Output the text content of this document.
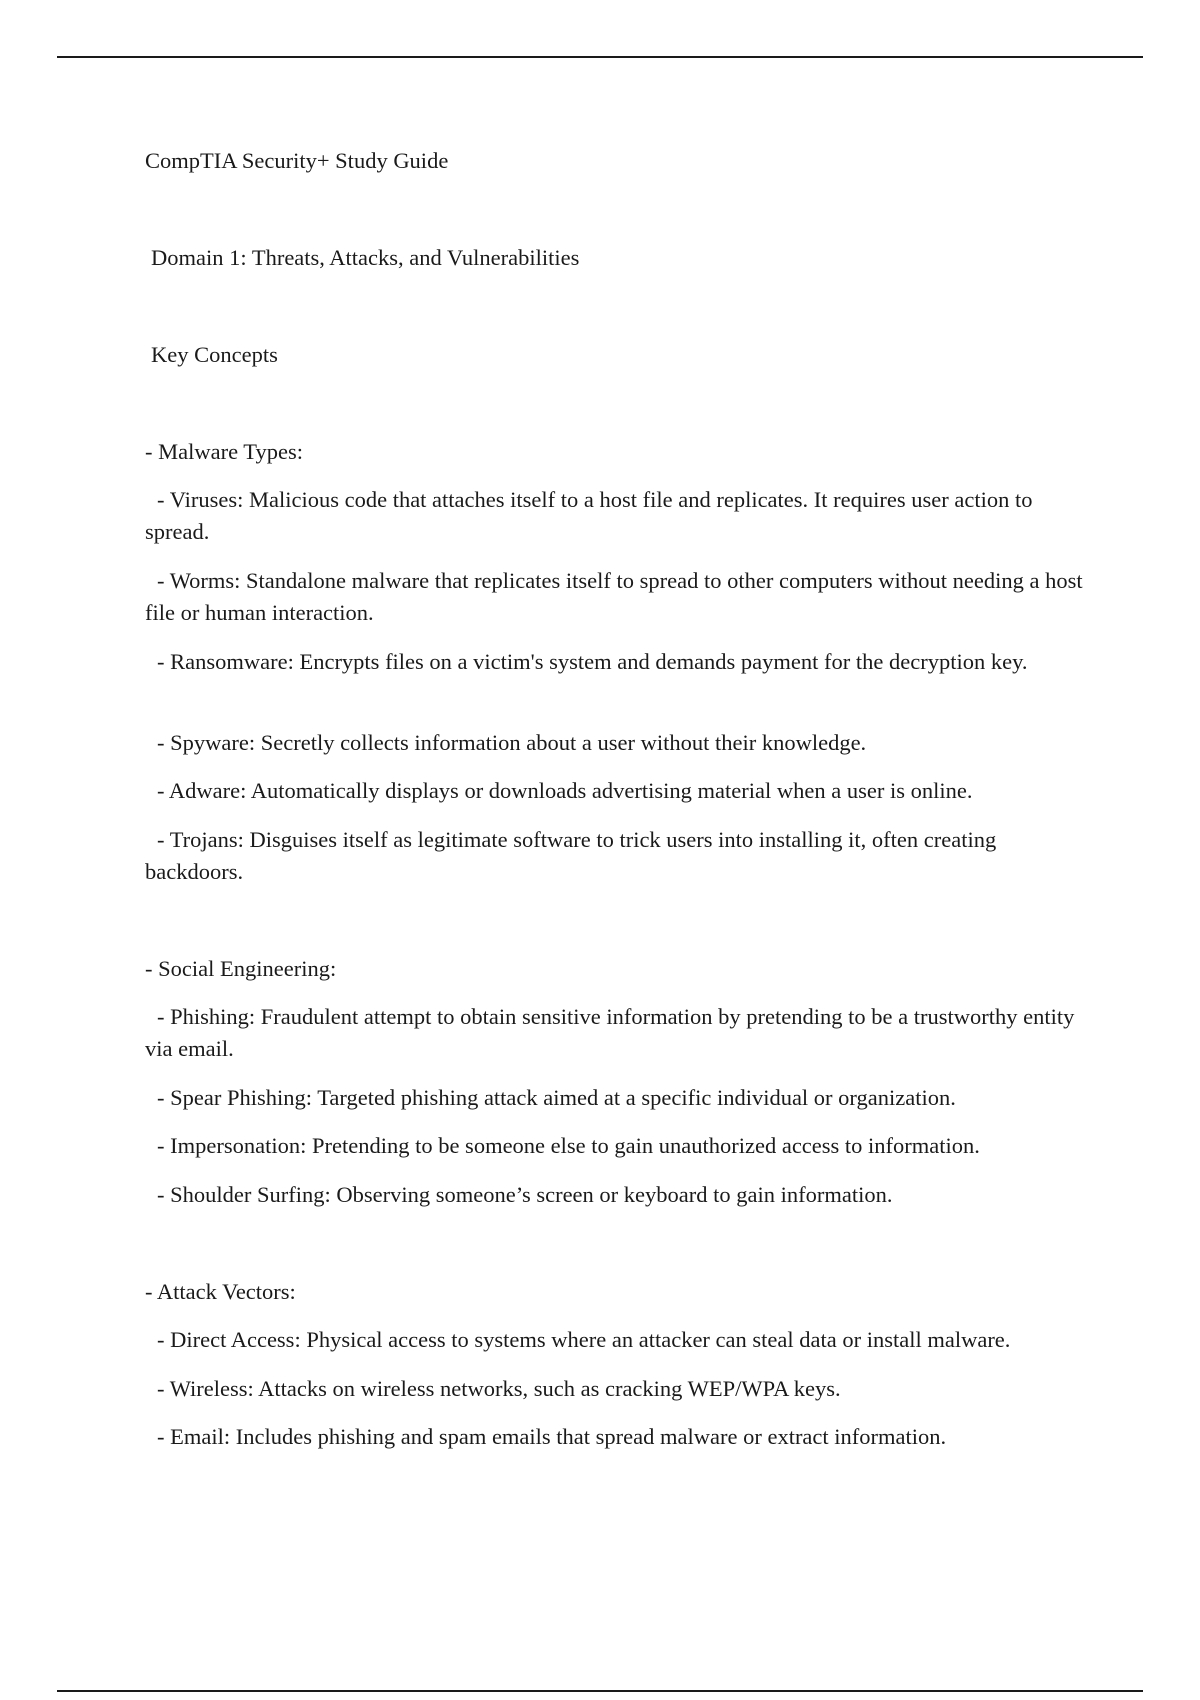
CompTIA Security+ Study Guide
Domain 1: Threats, Attacks, and Vulnerabilities
Key Concepts
- Malware Types:
- Viruses: Malicious code that attaches itself to a host file and replicates. It requires user action to spread.
- Worms: Standalone malware that replicates itself to spread to other computers without needing a host file or human interaction.
- Ransomware: Encrypts files on a victim's system and demands payment for the decryption key.
- Spyware: Secretly collects information about a user without their knowledge.
- Adware: Automatically displays or downloads advertising material when a user is online.
- Trojans: Disguises itself as legitimate software to trick users into installing it, often creating backdoors.
- Social Engineering:
- Phishing: Fraudulent attempt to obtain sensitive information by pretending to be a trustworthy entity via email.
- Spear Phishing: Targeted phishing attack aimed at a specific individual or organization.
- Impersonation: Pretending to be someone else to gain unauthorized access to information.
- Shoulder Surfing: Observing someone’s screen or keyboard to gain information.
- Attack Vectors:
- Direct Access: Physical access to systems where an attacker can steal data or install malware.
- Wireless: Attacks on wireless networks, such as cracking WEP/WPA keys.
- Email: Includes phishing and spam emails that spread malware or extract information.
